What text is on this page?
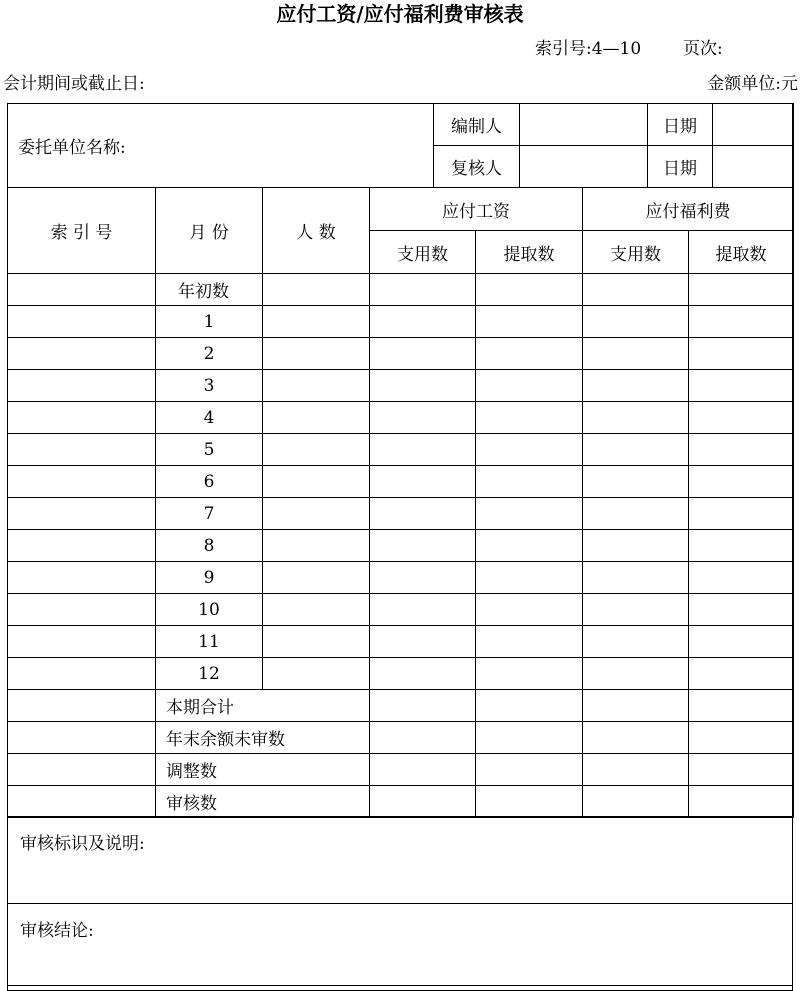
应付工资/应付福利费审核表
索引号:4—10 页次:
会计期间或截止日:	金额单位:元
委托单位名称:	编制人		日期	
	复核人		日期	
索 引 号	月 份	人 数	应付工资		应付福利费	
			支用数	提取数	支用数	提取数
	年初数					
	1					
	2					
	3					
	4					
	5					
	6					
	7					
	8					
	9					
	10					
	11					
	12					
	本期合计					
	年末余额未审数					
	调整数					
	审核数					
审核标识及说明:
审核结论:
